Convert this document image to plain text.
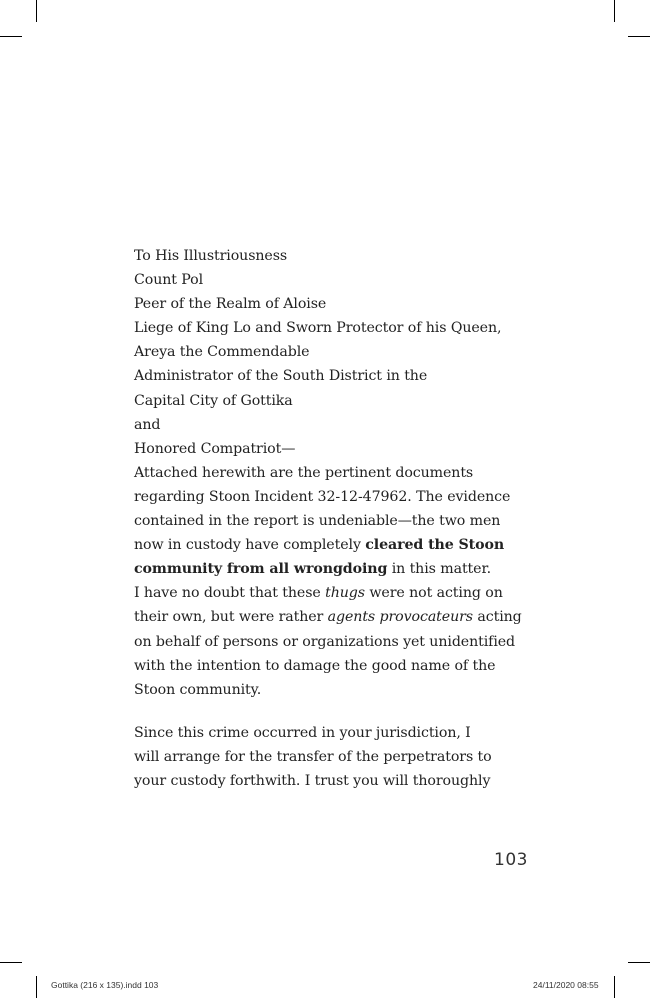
To His Illustriousness

Count Pol

Peer of the Realm of Aloise

Liege of King Lo and Sworn Protector of his Queen,

Areya the Commendable

Administrator of the South District in the

Capital City of Gottika

and

Honored Compatriot—

Attached herewith are the pertinent documents

regarding Stoon Incident 32-12-47962. The evidence

contained in the report is undeniable—the two men

now in custody have completely cleared the Stoon

community from all wrongdoing in this matter.

I have no doubt that these thugs were not acting on

their own, but were rather agents provocateurs acting

on behalf of persons or organizations yet unidentified

with the intention to damage the good name of the

Stoon community.

Since this crime occurred in your jurisdiction, I

will arrange for the transfer of the perpetrators to

your custody forthwith. I trust you will thoroughly

103
Gottika (216 x 135).indd 103	24/11/2020 08:55
